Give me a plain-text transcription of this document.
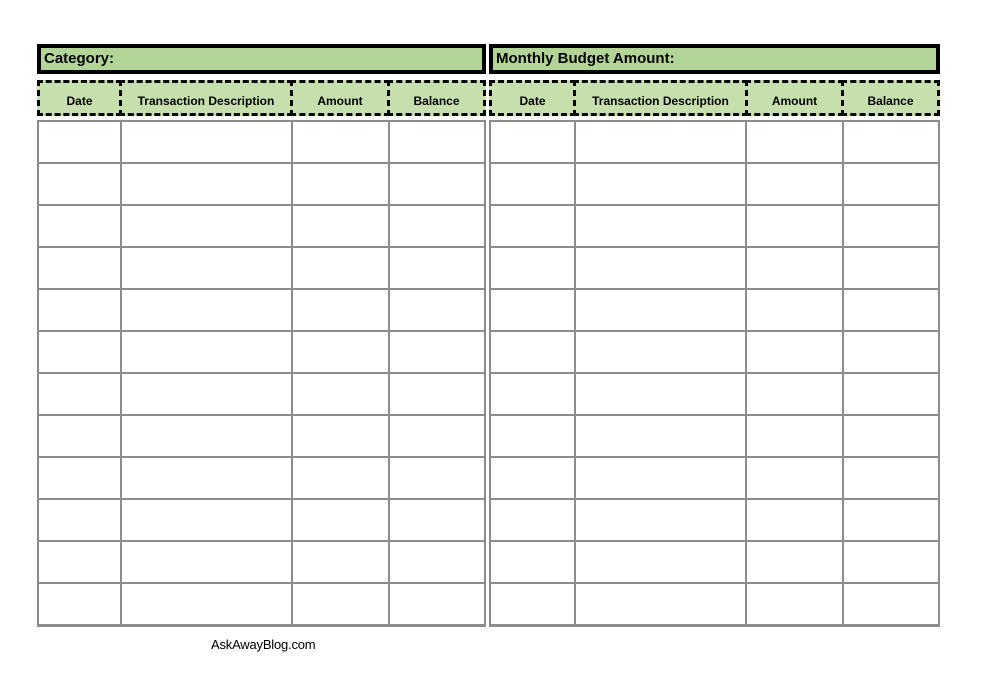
Category:
Date	Transaction Description	Amount	Balance
Monthly Budget Amount:
Date	Transaction Description	Amount	Balance
AskAwayBlog.com
